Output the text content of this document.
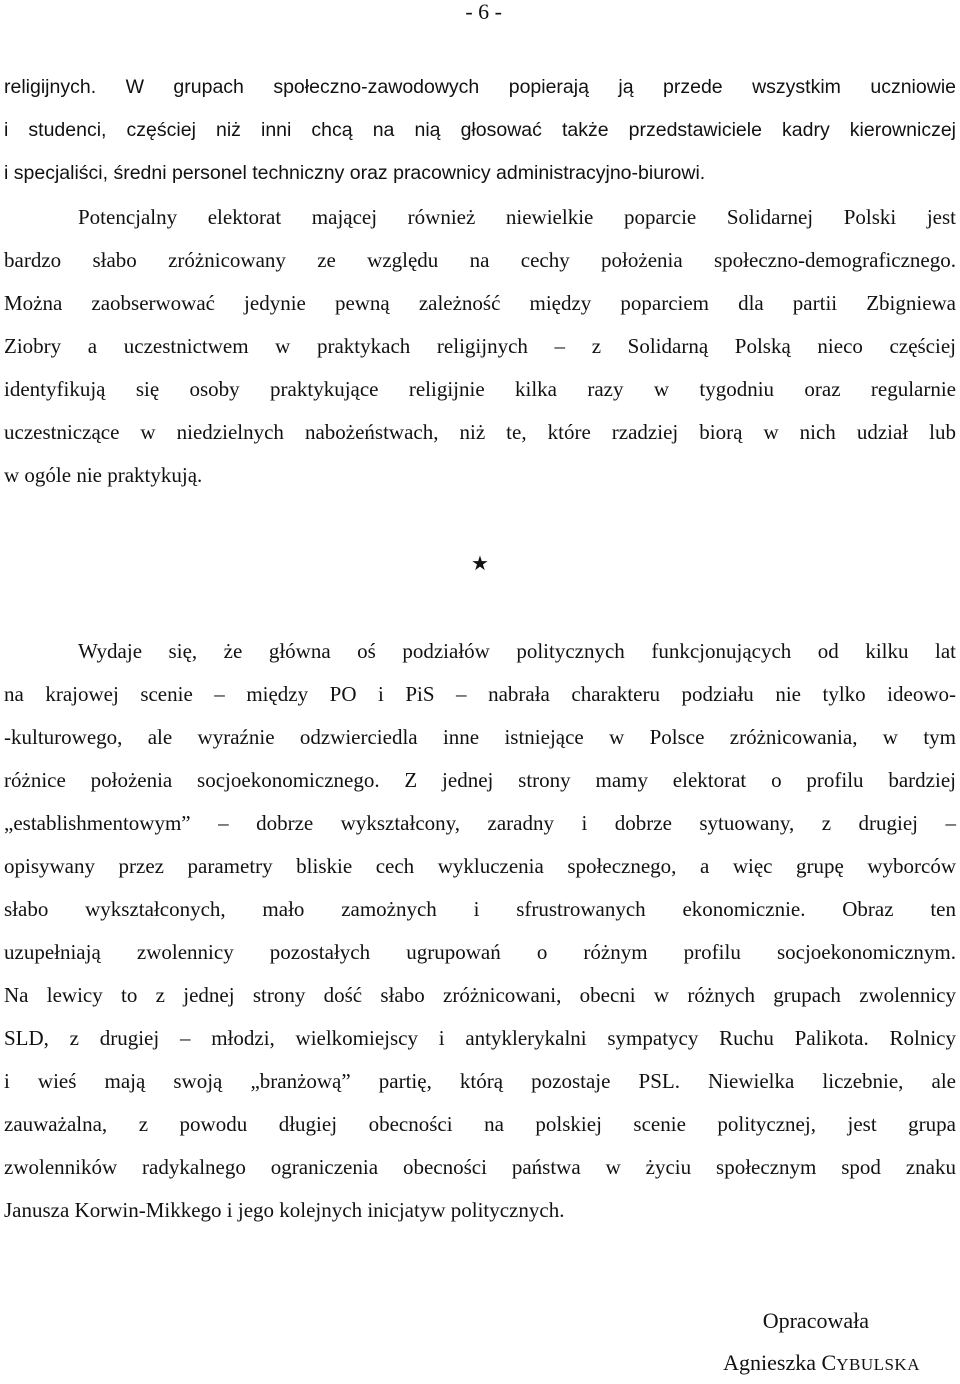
- 6 -
religijnych. W grupach społeczno-zawodowych popierają ją przede wszystkim uczniowie
i studenci, częściej niż inni chcą na nią głosować także przedstawiciele kadry kierowniczej
i specjaliści, średni personel techniczny oraz pracownicy administracyjno-biurowi.
Potencjalny elektorat mającej również niewielkie poparcie Solidarnej Polski jest
bardzo słabo zróżnicowany ze względu na cechy położenia społeczno-demograficznego.
Można zaobserwować jedynie pewną zależność między poparciem dla partii Zbigniewa
Ziobry a uczestnictwem w praktykach religijnych – z Solidarną Polską nieco częściej
identyfikują się osoby praktykujące religijnie kilka razy w tygodniu oraz regularnie
uczestniczące w niedzielnych nabożeństwach, niż te, które rzadziej biorą w nich udział lub
w ogóle nie praktykują.
★
Wydaje się, że główna oś podziałów politycznych funkcjonujących od kilku lat
na krajowej scenie – między PO i PiS – nabrała charakteru podziału nie tylko ideowo-
-kulturowego, ale wyraźnie odzwierciedla inne istniejące w Polsce zróżnicowania, w tym
różnice położenia socjoekonomicznego. Z jednej strony mamy elektorat o profilu bardziej
„establishmentowym” – dobrze wykształcony, zaradny i dobrze sytuowany, z drugiej –
opisywany przez parametry bliskie cech wykluczenia społecznego, a więc grupę wyborców
słabo wykształconych, mało zamożnych i sfrustrowanych ekonomicznie. Obraz ten
uzupełniają zwolennicy pozostałych ugrupowań o różnym profilu socjoekonomicznym.
Na lewicy to z jednej strony dość słabo zróżnicowani, obecni w różnych grupach zwolennicy
SLD, z drugiej – młodzi, wielkomiejscy i antyklerykalni sympatycy Ruchu Palikota. Rolnicy
i wieś mają swoją „branżową” partię, którą pozostaje PSL. Niewielka liczebnie, ale
zauważalna, z powodu długiej obecności na polskiej scenie politycznej, jest grupa
zwolenników radykalnego ograniczenia obecności państwa w życiu społecznym spod znaku
Janusza Korwin-Mikkego i jego kolejnych inicjatyw politycznych.
Opracowała
Agnieszka CYBULSKA
